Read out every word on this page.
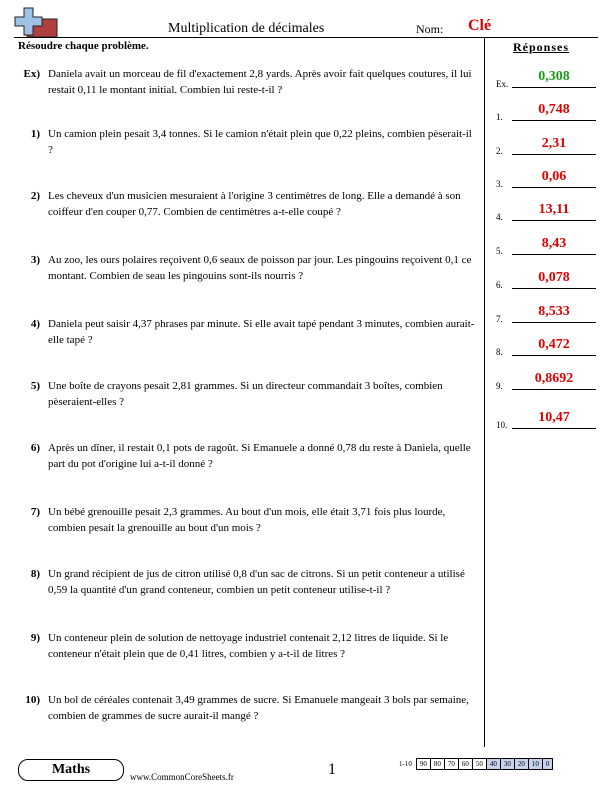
Multiplication de décimales	Nom: Clé
Résoudre chaque problème.	Réponses
Ex) Daniela avait un morceau de fil d'exactement 2,8 yards. Après avoir fait quelques coutures, il lui restait 0,11 le montant initial. Combien lui reste-t-il ?
1) Un camion plein pesait 3,4 tonnes. Si le camion n'était plein que 0,22 pleins, combien pèserait-il ?
2) Les cheveux d'un musicien mesuraient à l'origine 3 centimètres de long. Elle a demandé à son coiffeur d'en couper 0,77. Combien de centimètres a-t-elle coupé ?
3) Au zoo, les ours polaires reçoivent 0,6 seaux de poisson par jour. Les pingouins reçoivent 0,1 ce montant. Combien de seau les pingouins sont-ils nourris ?
4) Daniela peut saisir 4,37 phrases par minute. Si elle avait tapé pendant 3 minutes, combien aurait-elle tapé ?
5) Une boîte de crayons pesait 2,81 grammes. Si un directeur commandait 3 boîtes, combien pèseraient-elles ?
6) Après un dîner, il restait 0,1 pots de ragoût. Si Emanuele a donné 0,78 du reste à Daniela, quelle part du pot d'origine lui a-t-il donné ?
7) Un bébé grenouille pesait 2,3 grammes. Au bout d'un mois, elle était 3,71 fois plus lourde, combien pesait la grenouille au bout d'un mois ?
8) Un grand récipient de jus de citron utilisé 0,8 d'un sac de citrons. Si un petit conteneur a utilisé 0,59 la quantité d'un grand conteneur, combien un petit conteneur utilise-t-il ?
9) Un conteneur plein de solution de nettoyage industriel contenait 2,12 litres de liquide. Si le conteneur n'était plein que de 0,41 litres, combien y a-t-il de litres ?
10) Un bol de céréales contenait 3,49 grammes de sucre. Si Emanuele mangeait 3 bols par semaine, combien de grammes de sucre aurait-il mangé ?
Ex.	0,308
1.	0,748
2.	2,31
3.	0,06
4.	13,11
5.	8,43
6.	0,078
7.	8,533
8.	0,472
9.	0,8692
10.	10,47
Maths	www.CommonCoreSheets.fr	1	1-10	90	80	70	60	50	40	30	20	10	0
